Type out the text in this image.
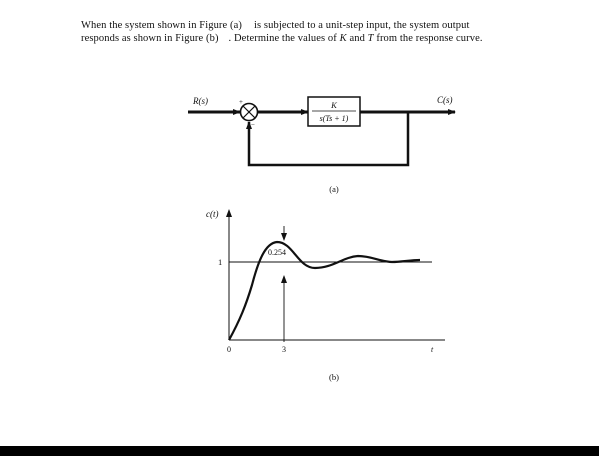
When the system shown in Figure (a) is subjected to a unit-step input, the system output
responds as shown in Figure (b) . Determine the values of K and T from the response curve.
R(s)	+
−
K
s(Ts + 1)
C(s)
(a)
c(t)
1
0.254
0	3	t
(b)
